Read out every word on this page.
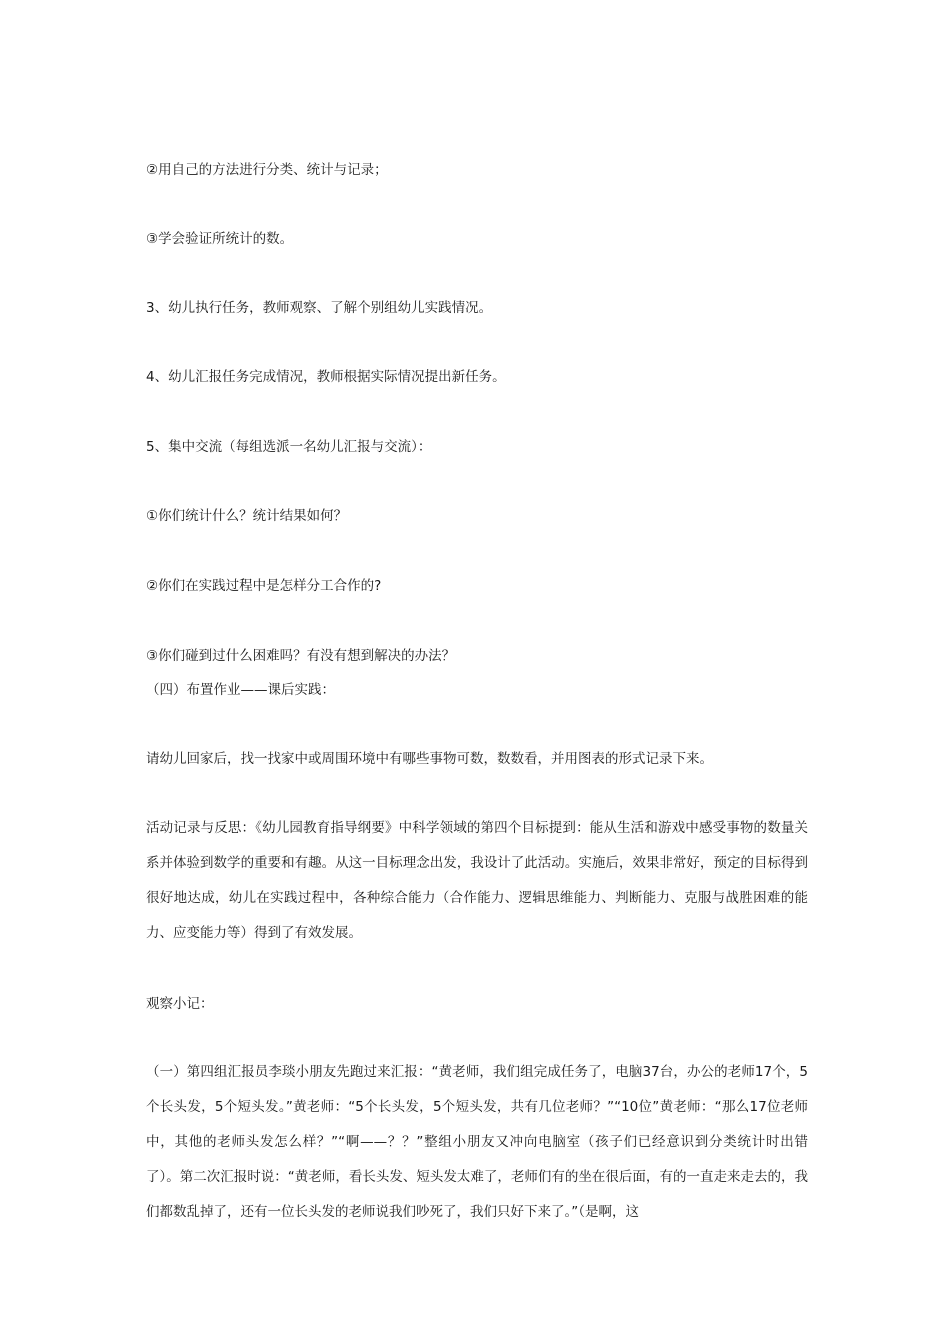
②用自己的方法进行分类、统计与记录；

③学会验证所统计的数。

3、幼儿执行任务，教师观察、了解个别组幼儿实践情况。

4、幼儿汇报任务完成情况，教师根据实际情况提出新任务。

5、集中交流（每组选派一名幼儿汇报与交流）：

①你们统计什么？统计结果如何？

②你们在实践过程中是怎样分工合作的?

③你们碰到过什么困难吗？有没有想到解决的办法？

（四）布置作业——课后实践：

请幼儿回家后，找一找家中或周围环境中有哪些事物可数，数数看，并用图表的形式记录下来。

活动记录与反思：《幼儿园教育指导纲要》中科学领域的第四个目标提到：能从生活和游戏中感受事物的数量关系并体验到数学的重要和有趣。从这一目标理念出发，我设计了此活动。实施后，效果非常好，预定的目标得到很好地达成，幼儿在实践过程中，各种综合能力（合作能力、逻辑思维能力、判断能力、克服与战胜困难的能力、应变能力等）得到了有效发展。

观察小记：

（一）第四组汇报员李琰小朋友先跑过来汇报：“黄老师，我们组完成任务了，电脑37台，办公的老师17个，5个长头发，5个短头发。”黄老师：“5个长头发，5个短头发，共有几位老师？”“10位”黄老师：“那么17位老师中，其他的老师头发怎么样？”“啊——？？”整组小朋友又冲向电脑室（孩子们已经意识到分类统计时出错了）。第二次汇报时说：“黄老师，看长头发、短头发太难了，老师们有的坐在很后面，有的一直走来走去的，我们都数乱掉了，还有一位长头发的老师说我们吵死了，我们只好下来了。”（是啊，这
